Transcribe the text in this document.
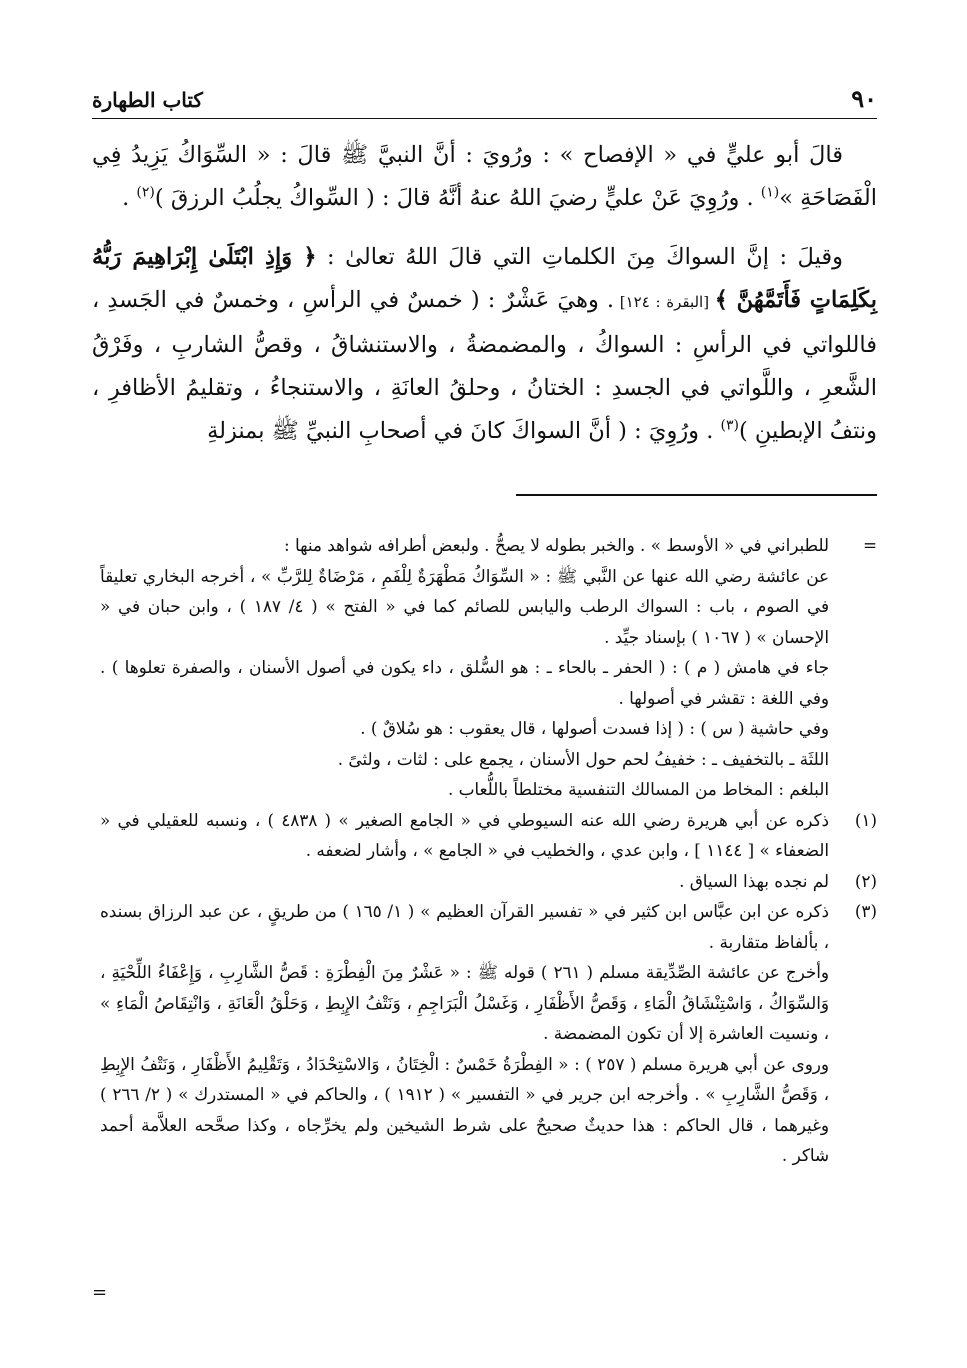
٩٠
كتاب الطهارة

قالَ أبو عليٍّ في « الإفصاح » : ورُويَ : أنَّ النبيَّ ﷺ قالَ : « السِّوَاكُ يَزِيدُ فِي الْفَصَاحَةِ »$^{(١)}$ . ورُوِيَ عَنْ عليٍّ رضيَ اللهُ عنهُ أنَّهُ قالَ : ( السِّواكُ يجلُبُ الرزقَ )$^{(٢)}$ .

وقيلَ : إنَّ السواكَ مِنَ الكلماتِ التي قالَ اللهُ تعالىٰ : ﴿ وَإِذِ ابْتَلَىٰ إِبْرَاهِيمَ رَبُّهُ بِكَلِمَاتٍ فَأَتَمَّهُنَّ ﴾ [البقرة : ١٢٤] . وهيَ عَشْرٌ : ( خمسٌ في الرأسِ ، وخمسٌ في الجَسدِ ، فاللواتي في الرأسِ : السواكُ ، والمضمضةُ ، والاستنشاقُ ، وقصُّ الشاربِ ، وفَرْقُ الشَّعرِ ، واللَّواتي في الجسدِ : الختانُ ، وحلقُ العانَةِ ، والاستنجاءُ ، وتقليمُ الأظافرِ ، ونتفُ الإبطينِ )$^{(٣)}$ . ورُوِيَ : ( أنَّ السواكَ كانَ في أصحابِ النبيِّ ﷺ بمنزلةِ

=

للطبراني في « الأوسط » . والخبر بطوله لا يصحُّ . ولبعض أطرافه شواهد منها :

عن عائشة رضي الله عنها عن النَّبي ﷺ : « السِّوَاكُ مَطْهَرَةٌ لِلْفَمِ ، مَرْضَاةٌ لِلرَّبِّ » ، أخرجه البخاري تعليقاً في الصوم ، باب : السواك الرطب واليابس للصائم كما في « الفتح » ( ٤/ ١٨٧ ) ، وابن حبان في « الإحسان » ( ١٠٦٧ ) بإسناد جيِّد .

جاء في هامش ( م ) : ( الحفر ـ بالحاء ـ : هو السُّلق ، داء يكون في أصول الأسنان ، والصفرة تعلوها ) . وفي اللغة : تقشر في أصولها .

وفي حاشية ( س ) : ( إذا فسدت أصولها ، قال يعقوب : هو سُلاقٌ ) .

اللثَة ـ بالتخفيف ـ : خفيفُ لحم حول الأسنان ، يجمع على : لثات ، ولثىً .

البلغم : المخاط من المسالك التنفسية مختلطاً باللُّعاب .

(١)

ذكره عن أبي هريرة رضي الله عنه السيوطي في « الجامع الصغير » ( ٤٨٣٨ ) ، ونسبه للعقيلي في « الضعفاء » [ ١١٤٤ ] ، وابن عدي ، والخطيب في « الجامع » ، وأشار لضعفه .

(٢)

لم نجده بهذا السياق .

(٣)

ذكره عن ابن عبَّاس ابن كثير في « تفسير القرآن العظيم » ( ١/ ١٦٥ ) من طريقٍ ، عن عبد الرزاق بسنده ، بألفاظ متقاربة .

وأخرج عن عائشة الصِّدِّيقة مسلم ( ٢٦١ ) قوله ﷺ : « عَشْرٌ مِنَ الْفِطْرَةِ : قَصُّ الشَّارِبِ ، وَإِعْفَاءُ اللِّحْيَةِ ، وَالسِّوَاكُ ، وَاسْتِنْشَاقُ الْمَاءِ ، وَقَصُّ الأَظْفَارِ ، وَغَسْلُ الْبَرَاجِمِ ، وَنَتْفُ الإِبِطِ ، وَحَلْقُ الْعَانَةِ ، وَانْتِقَاصُ الْمَاءِ » ، ونسيت العاشرة إلا أن تكون المضمضة .

وروى عن أبي هريرة مسلم ( ٢٥٧ ) : « الفِطْرَةُ خَمْسٌ : الْخِتَانُ ، وَالاسْتِحْدَادُ ، وَتَقْلِيمُ الأَظْفَارِ ، وَنَتْفُ الإِبِطِ ، وَقَصُّ الشَّارِبِ » . وأخرجه ابن جرير في « التفسير » ( ١٩١٢ ) ، والحاكم في « المستدرك » ( ٢/ ٢٦٦ ) وغيرهما ، قال الحاكم : هذا حديثٌ صحيحٌ على شرط الشيخين ولم يخرِّجاه ، وكذا صحَّحه العلاَّمة أحمد شاكر .

=
